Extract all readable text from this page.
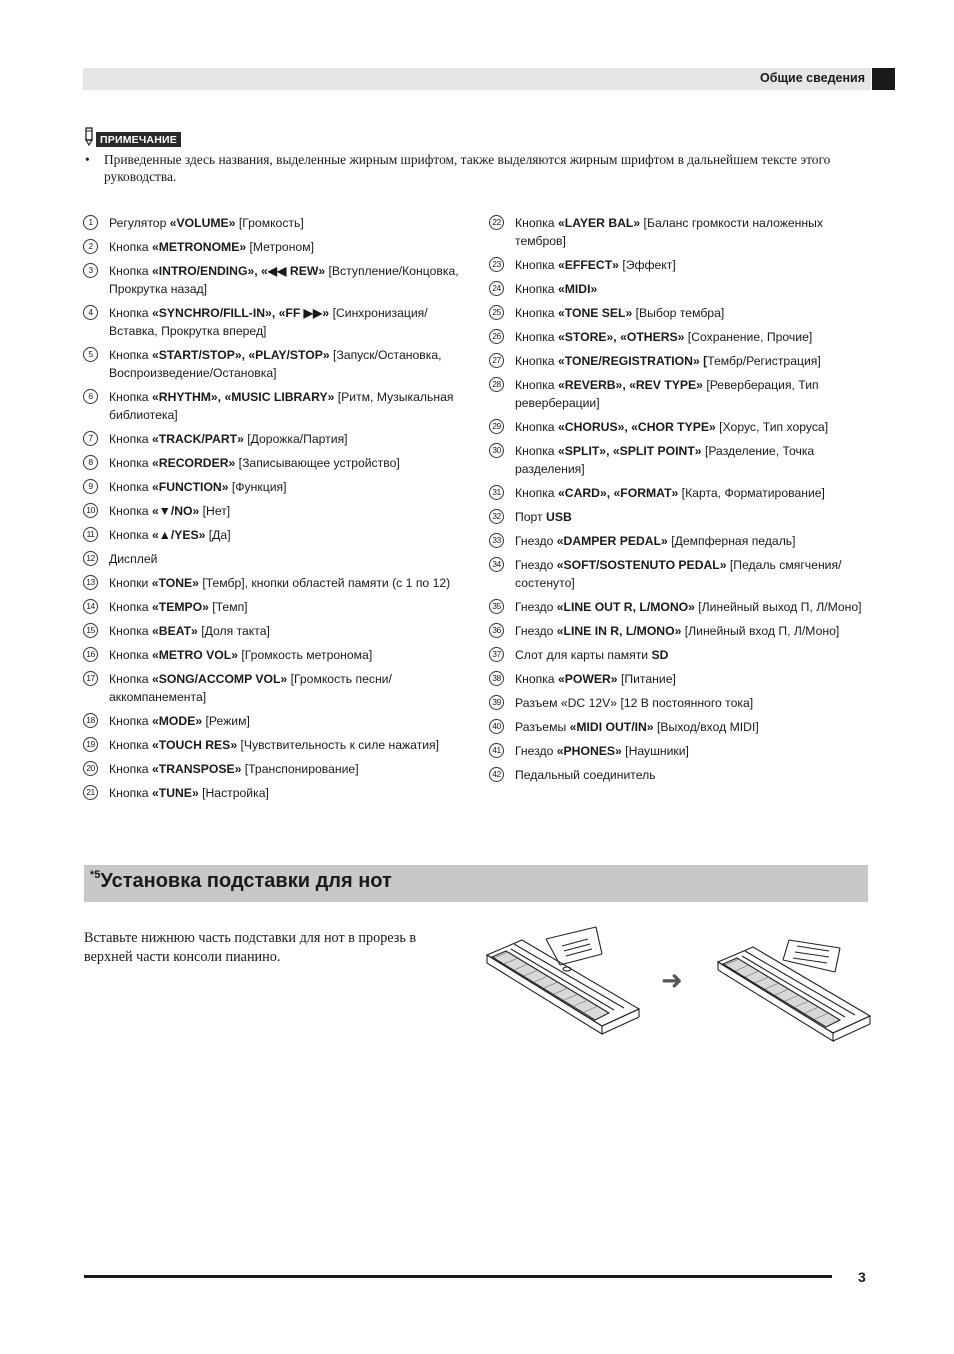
Общие сведения
ПРИМЕЧАНИЕ
• Приведенные здесь названия, выделенные жирным шрифтом, также выделяются жирным шрифтом в дальнейшем тексте этого руководства.
1	Регулятор «VOLUME» [Громкость]
2	Кнопка «METRONOME» [Метроном]
3	Кнопка «INTRO/ENDING», «◀◀ REW» [Вступление/Концовка, Прокрутка назад]
4	Кнопка «SYNCHRO/FILL-IN», «FF ▶▶» [Синхронизация/Вставка, Прокрутка вперед]
5	Кнопка «START/STOP», «PLAY/STOP» [Запуск/Остановка, Воспроизведение/Остановка]
6	Кнопка «RHYTHM», «MUSIC LIBRARY» [Ритм, Музыкальная библиотека]
7	Кнопка «TRACK/PART» [Дорожка/Партия]
8	Кнопка «RECORDER» [Записывающее устройство]
9	Кнопка «FUNCTION» [Функция]
10 Кнопка «▼/NO» [Нет]
11 Кнопка «▲/YES» [Да]
12 Дисплей
13 Кнопки «TONE» [Тембр], кнопки областей памяти (с 1 по 12)
14 Кнопка «TEMPO» [Темп]
15 Кнопка «BEAT» [Доля такта]
16 Кнопка «METRO VOL» [Громкость метронома]
17 Кнопка «SONG/ACCOMP VOL» [Громкость песни/аккомпанемента]
18 Кнопка «MODE» [Режим]
19 Кнопка «TOUCH RES» [Чувствительность к силе нажатия]
20 Кнопка «TRANSPOSE» [Транспонирование]
21 Кнопка «TUNE» [Настройка]
22 Кнопка «LAYER BAL» [Баланс громкости наложенных тембров]
23 Кнопка «EFFECT» [Эффект]
24 Кнопка «MIDI»
25 Кнопка «TONE SEL» [Выбор тембра]
26 Кнопка «STORE», «OTHERS» [Сохранение, Прочие]
27 Кнопка «TONE/REGISTRATION» [Тембр/Регистрация]
28 Кнопка «REVERB», «REV TYPE» [Реверберация, Тип реверберации]
29 Кнопка «CHORUS», «CHOR TYPE» [Хорус, Тип хоруса]
30 Кнопка «SPLIT», «SPLIT POINT» [Разделение, Точка разделения]
31 Кнопка «CARD», «FORMAT» [Карта, Форматирование]
32 Порт USB
33 Гнездо «DAMPER PEDAL» [Демпферная педаль]
34 Гнездо «SOFT/SOSTENUTO PEDAL» [Педаль смягчения/состенуто]
35 Гнездо «LINE OUT R, L/MONO» [Линейный выход П, Л/Моно]
36 Гнездо «LINE IN R, L/MONO» [Линейный вход П, Л/Моно]
37 Слот для карты памяти SD
38 Кнопка «POWER» [Питание]
39 Разъем «DC 12V» [12 В постоянного тока]
40 Разъемы «MIDI OUT/IN» [Выход/вход MIDI]
41 Гнездо «PHONES» [Наушники]
42 Педальный соединитель
$^{*5}$Установка подставки для нот
Вставьте нижнюю часть подставки для нот в прорезь в верхней части консоли пианино.
➜
3
